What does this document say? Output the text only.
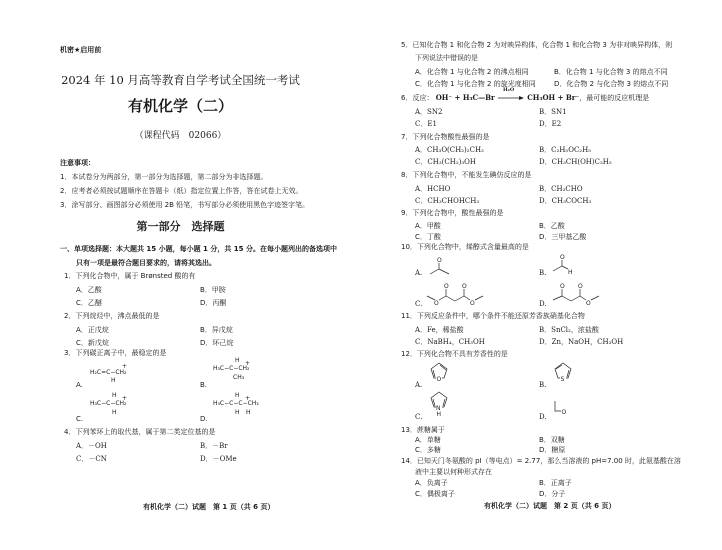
机密★启用前
2024 年 10 月高等教育自学考试全国统一考试
有机化学（二）
（课程代码　02066）
注意事项：
1．本试卷分为两部分，第一部分为选择题，第二部分为非选择题。
2．应考者必须按试题顺序在答题卡（纸）指定位置上作答，答在试卷上无效。
3．涂写部分、画图部分必须使用 2B 铅笔，书写部分必须使用黑色字迹签字笔。
第一部分　选择题
一、单项选择题：本大题共 15 小题，每小题 1 分，共 15 分。在每小题列出的备选项中
只有一项是最符合题目要求的，请将其选出。
1．下列化合物中，属于 Brønsted 酸的有
A．乙酸	B．甲胺
C．乙醚	D．丙酮
2．下列烷烃中，沸点最低的是
A．正戊烷	B．异戊烷
C．新戊烷	D．环己烷
3．下列碳正离子中，最稳定的是
A.
H₂C=C−CH₂
H
+
B.
H
H₃C−C−CH₂
+
CH₃
C.
H
H₃C−C−CH₂
+
H
D.
H
H₃C−C−C−CH₃
+
H H
4．下列苯环上的取代基，属于第二类定位基的是
A．－OH	B．－Br
C．－CN	D．－OMe
有机化学（二）试题　第 1 页（共 6 页）
5．已知化合物 1 和化合物 2 为对映异构体，化合物 1 和化合物 3 为非对映异构体，则
下列说法中错误的是
A．化合物 1 与化合物 2 的沸点相同	B．化合物 1 与化合物 3 的熔点不同
C．化合物 1 与化合物 2 的旋光度相同	D．化合物 2 与化合物 3 的熔点不同
6．反应： OH⁻ + H₃C—Br
H₂O
CH₃OH + Br⁻，最可能的反应机理是
A．SN2	B．SN1
C．E1	D．E2
7．下列化合物酸性最强的是
A．CH₃O(CH₂)₂CH₃	B．C₂H₅OC₂H₅
C．CH₃(CH₂)₃OH	D．CH₃CH(OH)C₂H₅
8．下列化合物中，不能发生碘仿反应的是
A．HCHO	B．CH₃CHO
C．CH₃CHOHCH₃	D．CH₃COCH₃
9．下列化合物中，酸性最强的是
A．甲酸	B．乙酸
C．丁酸	D．三甲基乙酸
10．下列化合物中，烯醇式含量最高的是
A.
O
B.
O
H
C. O
O O
O	D.
O O
O
11．下列反应条件中，哪个条件不能还原芳香族硝基化合物
A．Fe，稀盐酸	B．SnCl₂，浓盐酸
C．NaBH₄，CH₃OH	D．Zn，NaOH，CH₃OH
12．下列化合物不具有芳香性的是
A.
O
B.
S
C.
N
H	D.
O
13．蔗糖属于
A．单糖	B．双糖
C．多糖	D．糖原
14．已知天门冬氨酸的 pI（等电点）= 2.77，那么当溶液的 pH=7.00 时，此氨基酸在溶
液中主要以何种形式存在
A．负离子	B．正离子
C．偶极离子	D．分子
有机化学（二）试题　第 2 页（共 6 页）
